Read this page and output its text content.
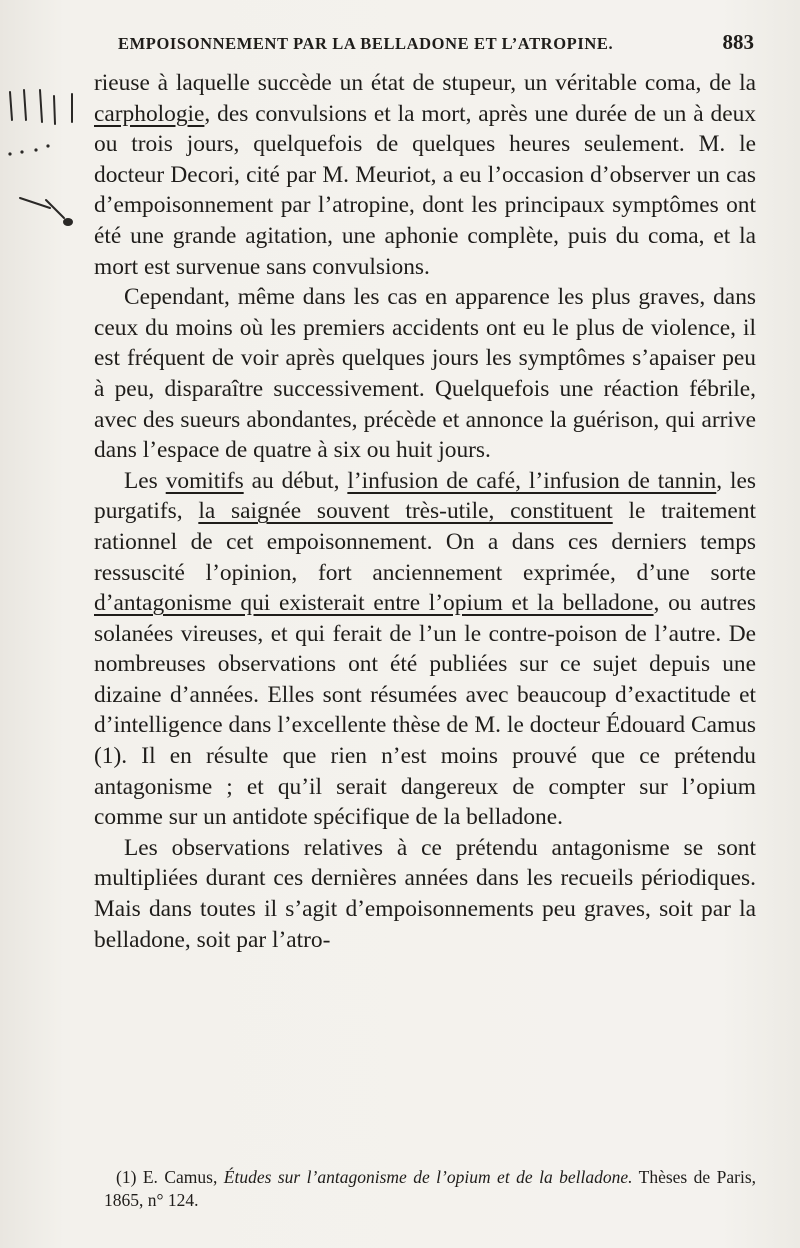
EMPOISONNEMENT PAR LA BELLADONE ET L’ATROPINE.	883

rieuse à laquelle succède un état de stupeur, un véritable coma, de la carphologie, des convulsions et la mort, après une durée de un à deux ou trois jours, quelquefois de quelques heures seulement. M. le docteur Decori, cité par M. Meuriot, a eu l’occasion d’observer un cas d’empoisonnement par l’atropine, dont les principaux symptômes ont été une grande agitation, une aphonie complète, puis du coma, et la mort est survenue sans convulsions.

Cependant, même dans les cas en apparence les plus graves, dans ceux du moins où les premiers accidents ont eu le plus de violence, il est fréquent de voir après quelques jours les symptômes s’apaiser peu à peu, disparaître successivement. Quelquefois une réaction fébrile, avec des sueurs abondantes, précède et annonce la guérison, qui arrive dans l’espace de quatre à six ou huit jours.

Les vomitifs au début, l’infusion de café, l’infusion de tannin, les purgatifs, la saignée souvent très-utile, constituent le traitement rationnel de cet empoisonnement. On a dans ces derniers temps ressuscité l’opinion, fort anciennement exprimée, d’une sorte d’antagonisme qui existerait entre l’opium et la belladone, ou autres solanées vireuses, et qui ferait de l’un le contre-poison de l’autre. De nombreuses observations ont été publiées sur ce sujet depuis une dizaine d’années. Elles sont résumées avec beaucoup d’exactitude et d’intelligence dans l’excellente thèse de M. le docteur Édouard Camus (1). Il en résulte que rien n’est moins prouvé que ce prétendu antagonisme ; et qu’il serait dangereux de compter sur l’opium comme sur un antidote spécifique de la belladone.

Les observations relatives à ce prétendu antagonisme se sont multipliées durant ces dernières années dans les recueils périodiques. Mais dans toutes il s’agit d’empoisonnements peu graves, soit par la belladone, soit par l’atro-

(1) E. Camus, Études sur l’antagonisme de l’opium et de la belladone. Thèses de Paris, 1865, n° 124.
